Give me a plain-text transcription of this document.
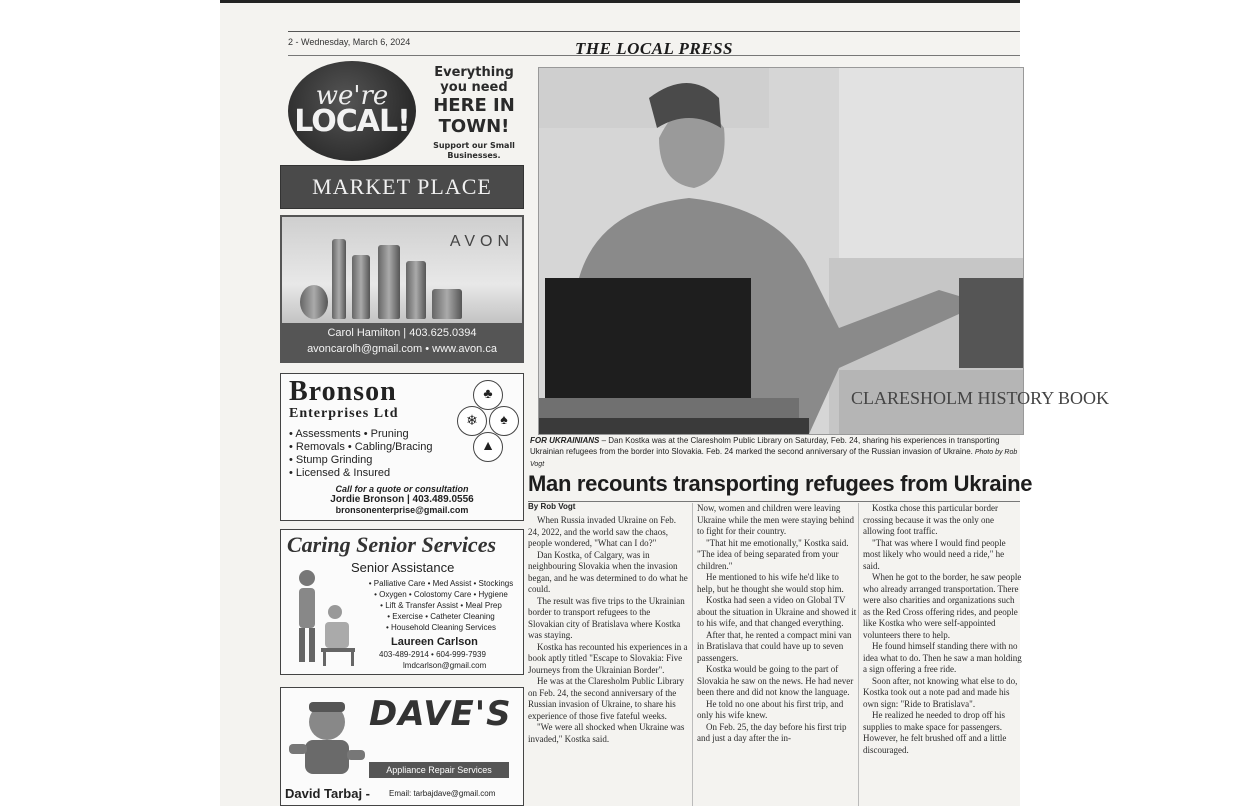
2 - Wednesday, March 6, 2024	THE LOCAL PRESS
we're
LOCAL!
Everything you need
HERE IN TOWN!
Support our Small Businesses.
MARKET PLACE
AVON
Carol Hamilton | 403.625.0394
avoncarolh@gmail.com • www.avon.ca
Bronson
Enterprises Ltd
♣
❄	♠
▲
• Assessments • Pruning
• Removals • Cabling/Bracing
• Stump Grinding
• Licensed & Insured
Call for a quote or consultation
Jordie Bronson | 403.489.0556
bronsonenterprise@gmail.com
Caring Senior Services
Senior Assistance
• Palliative Care • Med Assist • Stockings
• Oxygen • Colostomy Care • Hygiene
• Lift & Transfer Assist • Meal Prep
• Exercise • Catheter Cleaning
• Household Cleaning Services
Laureen Carlson
403-489-2914 • 604-999-7939
lmdcarlson@gmail.com
DAVE'S
Appliance Repair Services
David Tarbaj - Email: tarbajdave@gmail.com
CLARESHOLM HISTORY BOOK
FOR UKRAINIANS – Dan Kostka was at the Claresholm Public Library on Saturday, Feb. 24, sharing his experiences in transporting Ukrainian refugees from the border into Slovakia. Feb. 24 marked the second anniversary of the Russian invasion of Ukraine. Photo by Rob Vogt
Man recounts transporting refugees from Ukraine
By Rob Vogt

When Russia invaded Ukraine on Feb. 24, 2022, and the world saw the chaos, people wondered, "What can I do?"

Dan Kostka, of Calgary, was in neighbouring Slovakia when the invasion began, and he was determined to do what he could.

The result was five trips to the Ukrainian border to transport refugees to the Slovakian city of Bratislava where Kostka was staying.

Kostka has recounted his experiences in a book aptly titled "Escape to Slovakia: Five Journeys from the Ukrainian Border".

He was at the Claresholm Public Library on Feb. 24, the second anniversary of the Russian invasion of Ukraine, to share his experience of those five fateful weeks.

"We were all shocked when Ukraine was invaded," Kostka said.

Now, women and children were leaving Ukraine while the men were staying behind to fight for their country.

"That hit me emotionally," Kostka said. "The idea of being separated from your children."

He mentioned to his wife he'd like to help, but he thought she would stop him.

Kostka had seen a video on Global TV about the situation in Ukraine and showed it to his wife, and that changed everything.

After that, he rented a compact mini van in Bratislava that could have up to seven passengers.

Kostka would be going to the part of Slovakia he saw on the news. He had never been there and did not know the language.

He told no one about his first trip, and only his wife knew.

On Feb. 25, the day before his first trip and just a day after the in-

Kostka chose this particular border crossing because it was the only one allowing foot traffic.

"That was where I would find people most likely who would need a ride," he said.

When he got to the border, he saw people who already arranged transportation. There were also charities and organizations such as the Red Cross offering rides, and people like Kostka who were self-appointed volunteers there to help.

He found himself standing there with no idea what to do. Then he saw a man holding a sign offering a free ride.

Soon after, not knowing what else to do, Kostka took out a note pad and made his own sign: "Ride to Bratislava".

He realized he needed to drop off his supplies to make space for passengers. However, he felt brushed off and a little discouraged.
